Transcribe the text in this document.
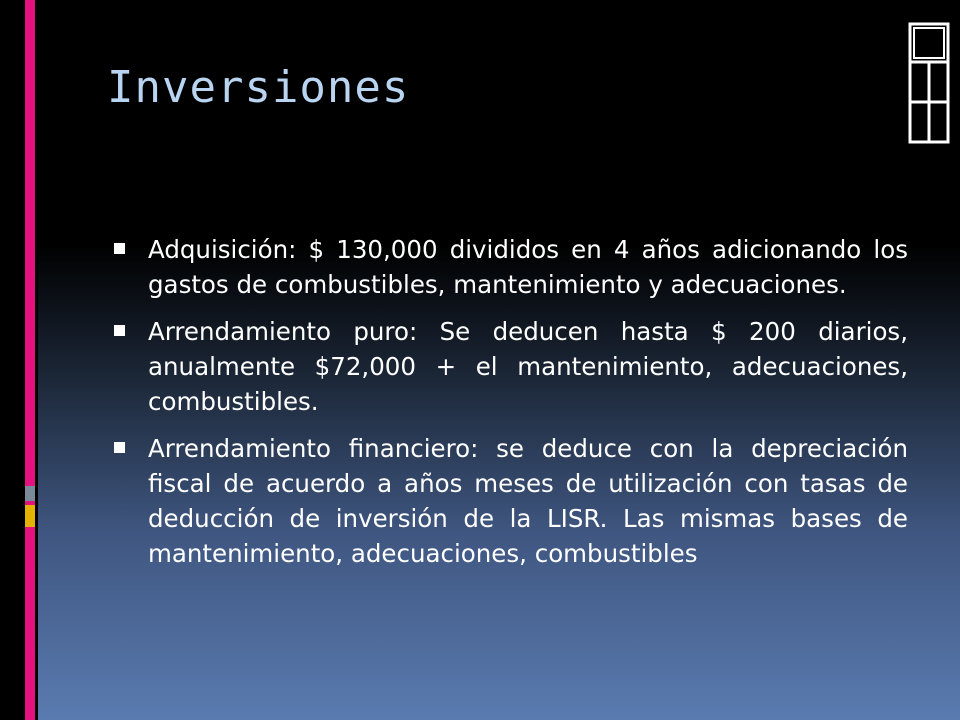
Inversiones
Adquisición: $ 130,000 divididos en 4 años adicionando los gastos de combustibles, mantenimiento y adecuaciones.
Arrendamiento puro: Se deducen hasta $ 200 diarios, anualmente $72,000 + el mantenimiento, adecuaciones, combustibles.
Arrendamiento financiero: se deduce con la depreciación fiscal de acuerdo a años meses de utilización con tasas de deducción de inversión de la LISR. Las mismas bases de mantenimiento, adecuaciones, combustibles
